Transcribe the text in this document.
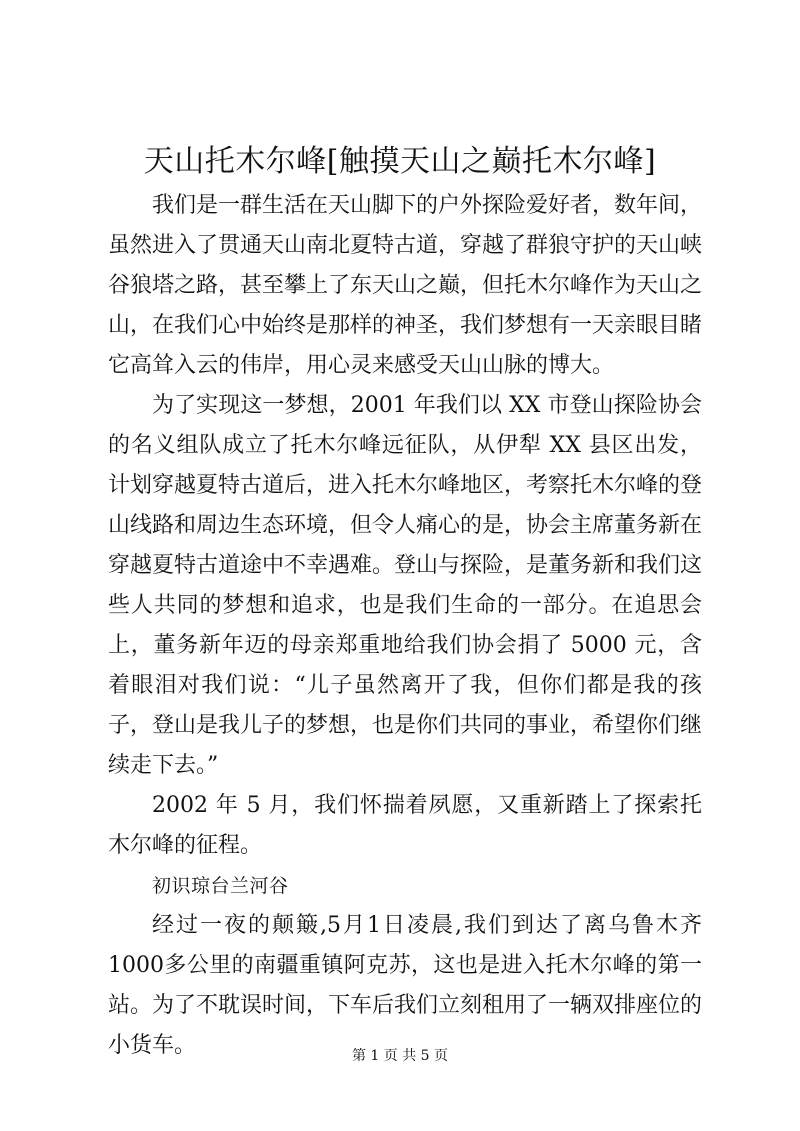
天山托木尔峰[触摸天山之巅托木尔峰]

我们是一群生活在天山脚下的户外探险爱好者，数年间，虽然进入了贯通天山南北夏特古道，穿越了群狼守护的天山峡谷狼塔之路，甚至攀上了东天山之巅，但托木尔峰作为天山之山，在我们心中始终是那样的神圣，我们梦想有一天亲眼目睹它高耸入云的伟岸，用心灵来感受天山山脉的博大。

为了实现这一梦想，2001 年我们以 XX 市登山探险协会的名义组队成立了托木尔峰远征队，从伊犁 XX 县区出发，计划穿越夏特古道后，进入托木尔峰地区，考察托木尔峰的登山线路和周边生态环境，但令人痛心的是，协会主席董务新在穿越夏特古道途中不幸遇难。登山与探险，是董务新和我们这些人共同的梦想和追求，也是我们生命的一部分。在追思会上，董务新年迈的母亲郑重地给我们协会捐了 5000 元，含着眼泪对我们说：“儿子虽然离开了我，但你们都是我的孩子，登山是我儿子的梦想，也是你们共同的事业，希望你们继续走下去。”

2002 年 5 月，我们怀揣着夙愿，又重新踏上了探索托木尔峰的征程。

初识琼台兰河谷

经过一夜的颠簸,5月1日凌晨,我们到达了离乌鲁木齐1000多公里的南疆重镇阿克苏，这也是进入托木尔峰的第一站。为了不耽误时间，下车后我们立刻租用了一辆双排座位的小货车。	第 1 页 共 5 页
